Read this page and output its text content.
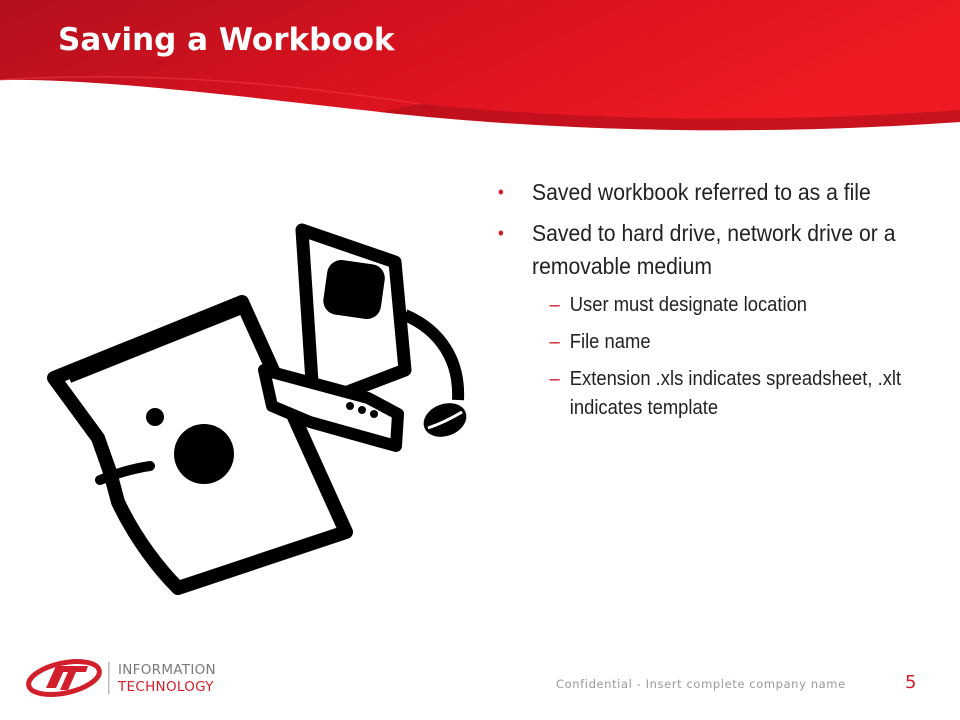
Saving a Workbook
• Saved workbook referred to as a file
• Saved to hard drive, network drive or a removable medium
– User must designate location
– File name
– Extension .xls indicates spreadsheet, .xlt indicates template
INFORMATION
TECHNOLOGY	Confidential - Insert complete company name	5
